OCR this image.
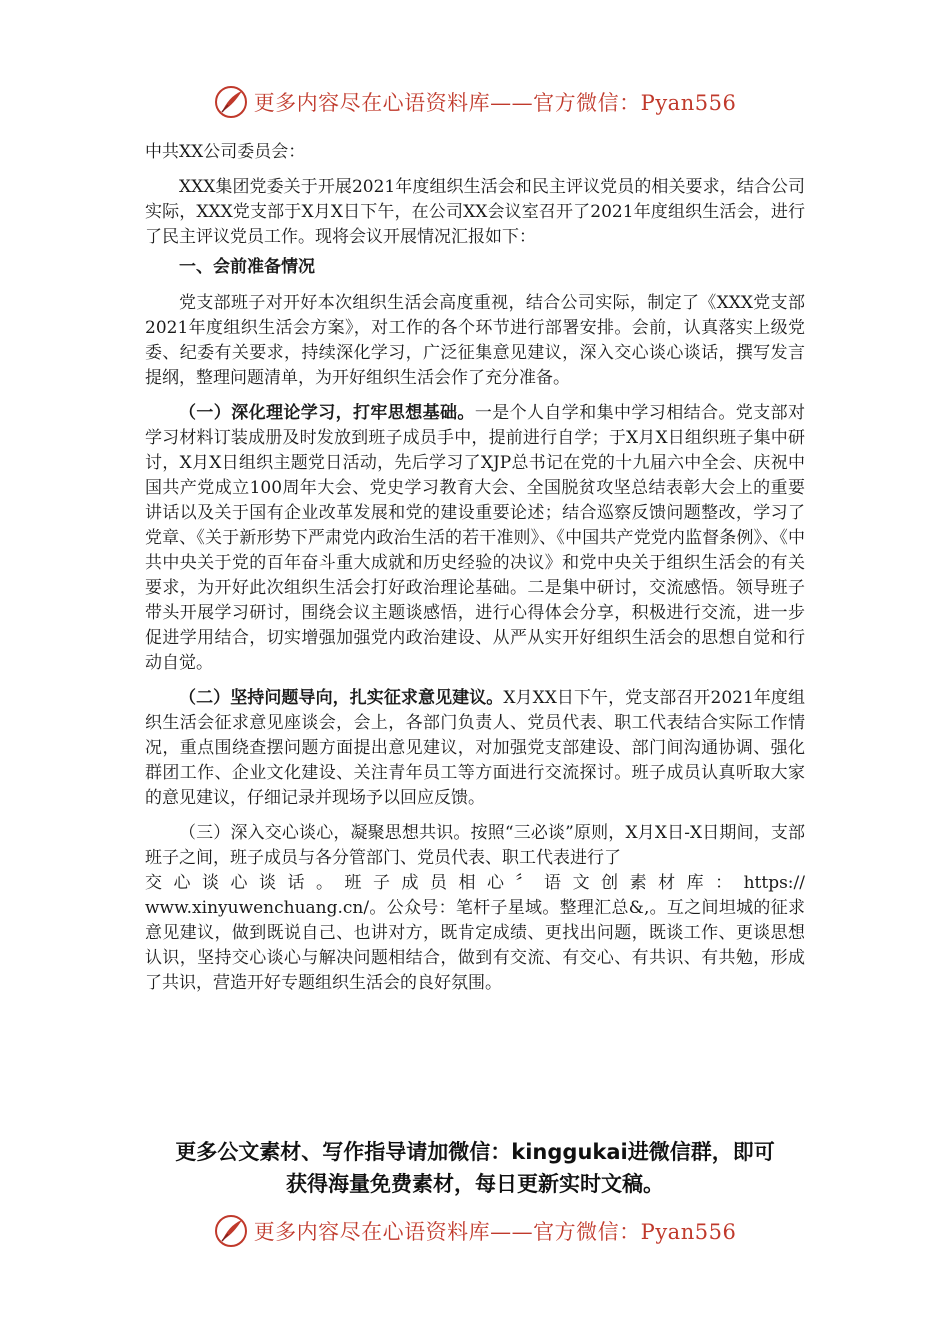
更多内容尽在心语资料库——官方微信：Pyan556

中共XX公司委员会：

XXX集团党委关于开展2021年度组织生活会和民主评议党员的相关要求，结合公司实际，XXX党支部于X月X日下午，在公司XX会议室召开了2021年度组织生活会，进行了民主评议党员工作。现将会议开展情况汇报如下：

一、会前准备情况

党支部班子对开好本次组织生活会高度重视，结合公司实际，制定了《XXX党支部2021年度组织生活会方案》，对工作的各个环节进行部署安排。会前，认真落实上级党委、纪委有关要求，持续深化学习，广泛征集意见建议，深入交心谈心谈话，撰写发言提纲，整理问题清单，为开好组织生活会作了充分准备。

（一）深化理论学习，打牢思想基础。一是个人自学和集中学习相结合。党支部对学习材料订装成册及时发放到班子成员手中，提前进行自学；于X月X日组织班子集中研讨，X月X日组织主题党日活动，先后学习了XJP总书记在党的十九届六中全会、庆祝中国共产党成立100周年大会、党史学习教育大会、全国脱贫攻坚总结表彰大会上的重要讲话以及关于国有企业改革发展和党的建设重要论述；结合巡察反馈问题整改，学习了党章、《关于新形势下严肃党内政治生活的若干准则》、《中国共产党党内监督条例》、《中共中央关于党的百年奋斗重大成就和历史经验的决议》和党中央关于组织生活会的有关要求，为开好此次组织生活会打好政治理论基础。二是集中研讨，交流感悟。领导班子带头开展学习研讨，围绕会议主题谈感悟，进行心得体会分享，积极进行交流，进一步促进学用结合，切实增强加强党内政治建设、从严从实开好组织生活会的思想自觉和行动自觉。

（二）坚持问题导向，扎实征求意见建议。X月XX日下午，党支部召开2021年度组织生活会征求意见座谈会，会上，各部门负责人、党员代表、职工代表结合实际工作情况，重点围绕查摆问题方面提出意见建议，对加强党支部建设、部门间沟通协调、强化群团工作、企业文化建设、关注青年员工等方面进行交流探讨。班子成员认真听取大家的意见建议，仔细记录并现场予以回应反馈。

（三）深入交心谈心，凝聚思想共识。按照“三必谈”原则，X月X日-X日期间，支部班子之间，班子成员与各分管部门、党员代表、职工代表进行了

交心谈心谈话。班子成员相心〞语文创素材库：https://

www.xinyuwenchuang.cn/。公众号：笔杆子星域。整理汇总&,。互之间坦城的征求意见建议，做到既说自己、也讲对方，既肯定成绩、更找出问题，既谈工作、更谈思想认识，坚持交心谈心与解决问题相结合，做到有交流、有交心、有共识、有共勉，形成了共识，营造开好专题组织生活会的良好氛围。

更多公文素材、写作指导请加微信：kinggukai进微信群，即可
获得海量免费素材，每日更新实时文稿。
更多内容尽在心语资料库——官方微信：Pyan556
